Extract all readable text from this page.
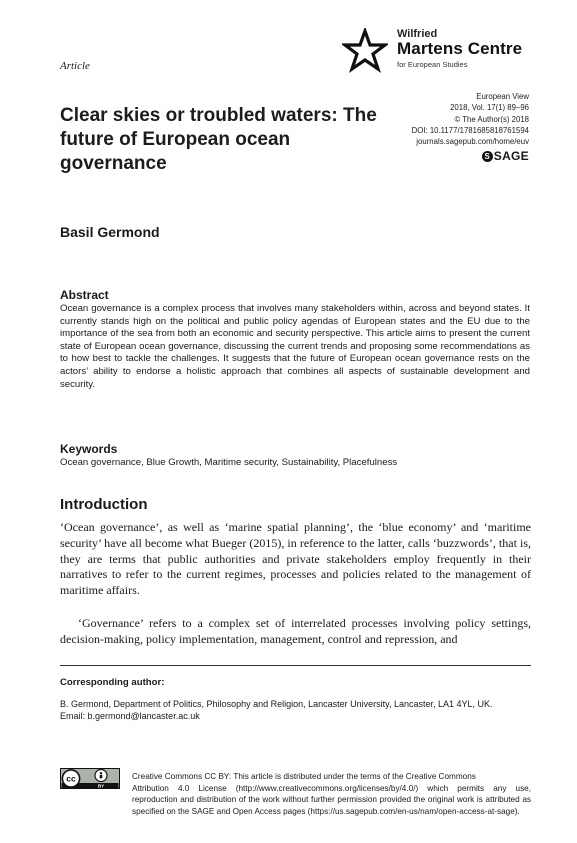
Article
Wilfried
Martens Centre
for European Studies
European View
2018, Vol. 17(1) 89–96
© The Author(s) 2018
DOI: 10.1177/1781685818761594
journals.sagepub.com/home/euv
S SAGE
Clear skies or troubled waters: The future of European ocean governance
Basil Germond
Abstract
Ocean governance is a complex process that involves many stakeholders within, across and beyond states. It currently stands high on the political and public policy agendas of European states and the EU due to the importance of the sea from both an economic and security perspective. This article aims to present the current state of European ocean governance, discussing the current trends and proposing some recommendations as to how best to tackle the challenges. It suggests that the future of European ocean governance rests on the actors’ ability to endorse a holistic approach that combines all aspects of sustainable development and security.
Keywords
Ocean governance, Blue Growth, Maritime security, Sustainability, Placefulness
Introduction
‘Ocean governance’, as well as ‘marine spatial planning’, the ‘blue economy’ and ‘maritime security’ have all become what Bueger (2015), in reference to the latter, calls ‘buzzwords’, that is, they are terms that public authorities and private stakeholders employ frequently in their narratives to refer to the current regimes, processes and policies related to the management of maritime affairs.
‘Governance’ refers to a complex set of interrelated processes involving policy settings, decision-making, policy implementation, management, control and repression, and
Corresponding author:
B. Germond, Department of Politics, Philosophy and Religion, Lancaster University, Lancaster, LA1 4YL, UK.
Email: b.germond@lancaster.ac.uk
cc
BY
Creative Commons CC BY: This article is distributed under the terms of the Creative Commons
Attribution 4.0 License (http://www.creativecommons.org/licenses/by/4.0/) which permits any use, reproduction and distribution of the work without further permission provided the original work is attributed as specified on the SAGE and Open Access pages (https://us.sagepub.com/en-us/nam/open-access-at-sage).
